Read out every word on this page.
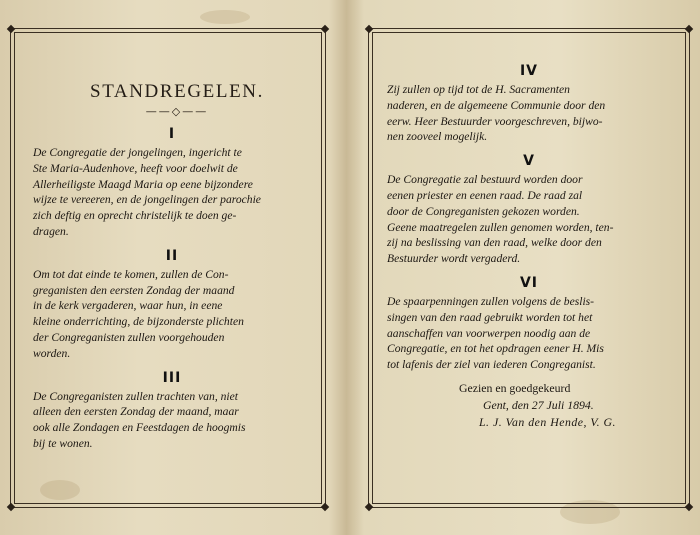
STANDREGELEN.
——◇——
I
De Congregatie der jongelingen, ingericht te
Ste Maria-Audenhove, heeft voor doelwit de
Allerheiligste Maagd Maria op eene bijzondere
wijze te vereeren, en de jongelingen der parochie
zich deftig en oprecht christelijk te doen ge-
dragen.
II
Om tot dat einde te komen, zullen de Con-
greganisten den eersten Zondag der maand
in de kerk vergaderen, waar hun, in eene
kleine onderrichting, de bijzonderste plichten
der Congreganisten zullen voorgehouden
worden.
III
De Congreganisten zullen trachten van, niet
alleen den eersten Zondag der maand, maar
ook alle Zondagen en Feestdagen de hoogmis
bij te wonen.
IV
Zij zullen op tijd tot de H. Sacramenten
naderen, en de algemeene Communie door den
eerw. Heer Bestuurder voorgeschreven, bijwo-
nen zooveel mogelijk.
V
De Congregatie zal bestuurd worden door
eenen priester en eenen raad. De raad zal
door de Congreganisten gekozen worden.
Geene maatregelen zullen genomen worden, ten-
zij na beslissing van den raad, welke door den
Bestuurder wordt vergaderd.
VI
De spaarpenningen zullen volgens de beslis-
singen van den raad gebruikt worden tot het
aanschaffen van voorwerpen noodig aan de
Congregatie, en tot het opdragen eener H. Mis
tot lafenis der ziel van iederen Congreganist.
Gezien en goedgekeurd
Gent, den 27 Juli 1894.
L. J. Van den Hende, V. G.
